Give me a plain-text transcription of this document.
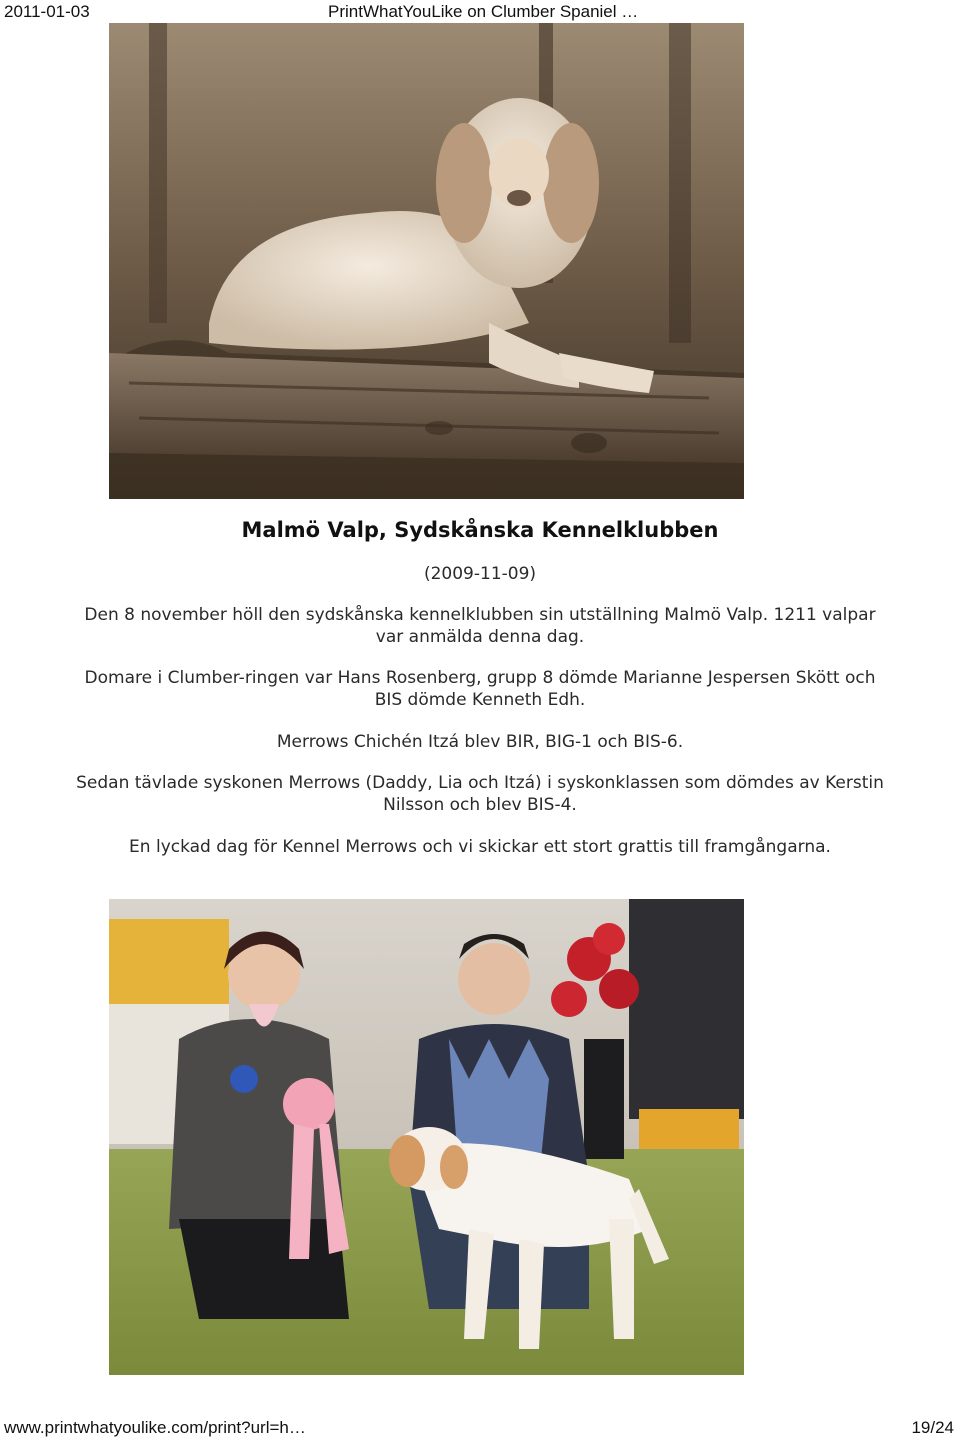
2011-01-03	PrintWhatYouLike on Clumber Spaniel …
Malmö Valp, Sydskånska Kennelklubben

(2009-11-09)

Den 8 november höll den sydskånska kennelklubben sin utställning Malmö Valp. 1211 valpar var anmälda denna dag.

Domare i Clumber-ringen var Hans Rosenberg, grupp 8 dömde Marianne Jespersen Skött och BIS dömde Kenneth Edh.

Merrows Chichén Itzá blev BIR, BIG-1 och BIS-6.

Sedan tävlade syskonen Merrows (Daddy, Lia och Itzá) i syskonklassen som dömdes av Kerstin Nilsson och blev BIS-4.

En lyckad dag för Kennel Merrows och vi skickar ett stort grattis till framgångarna.

www.printwhatyoulike.com/print?url=h…	19/24
